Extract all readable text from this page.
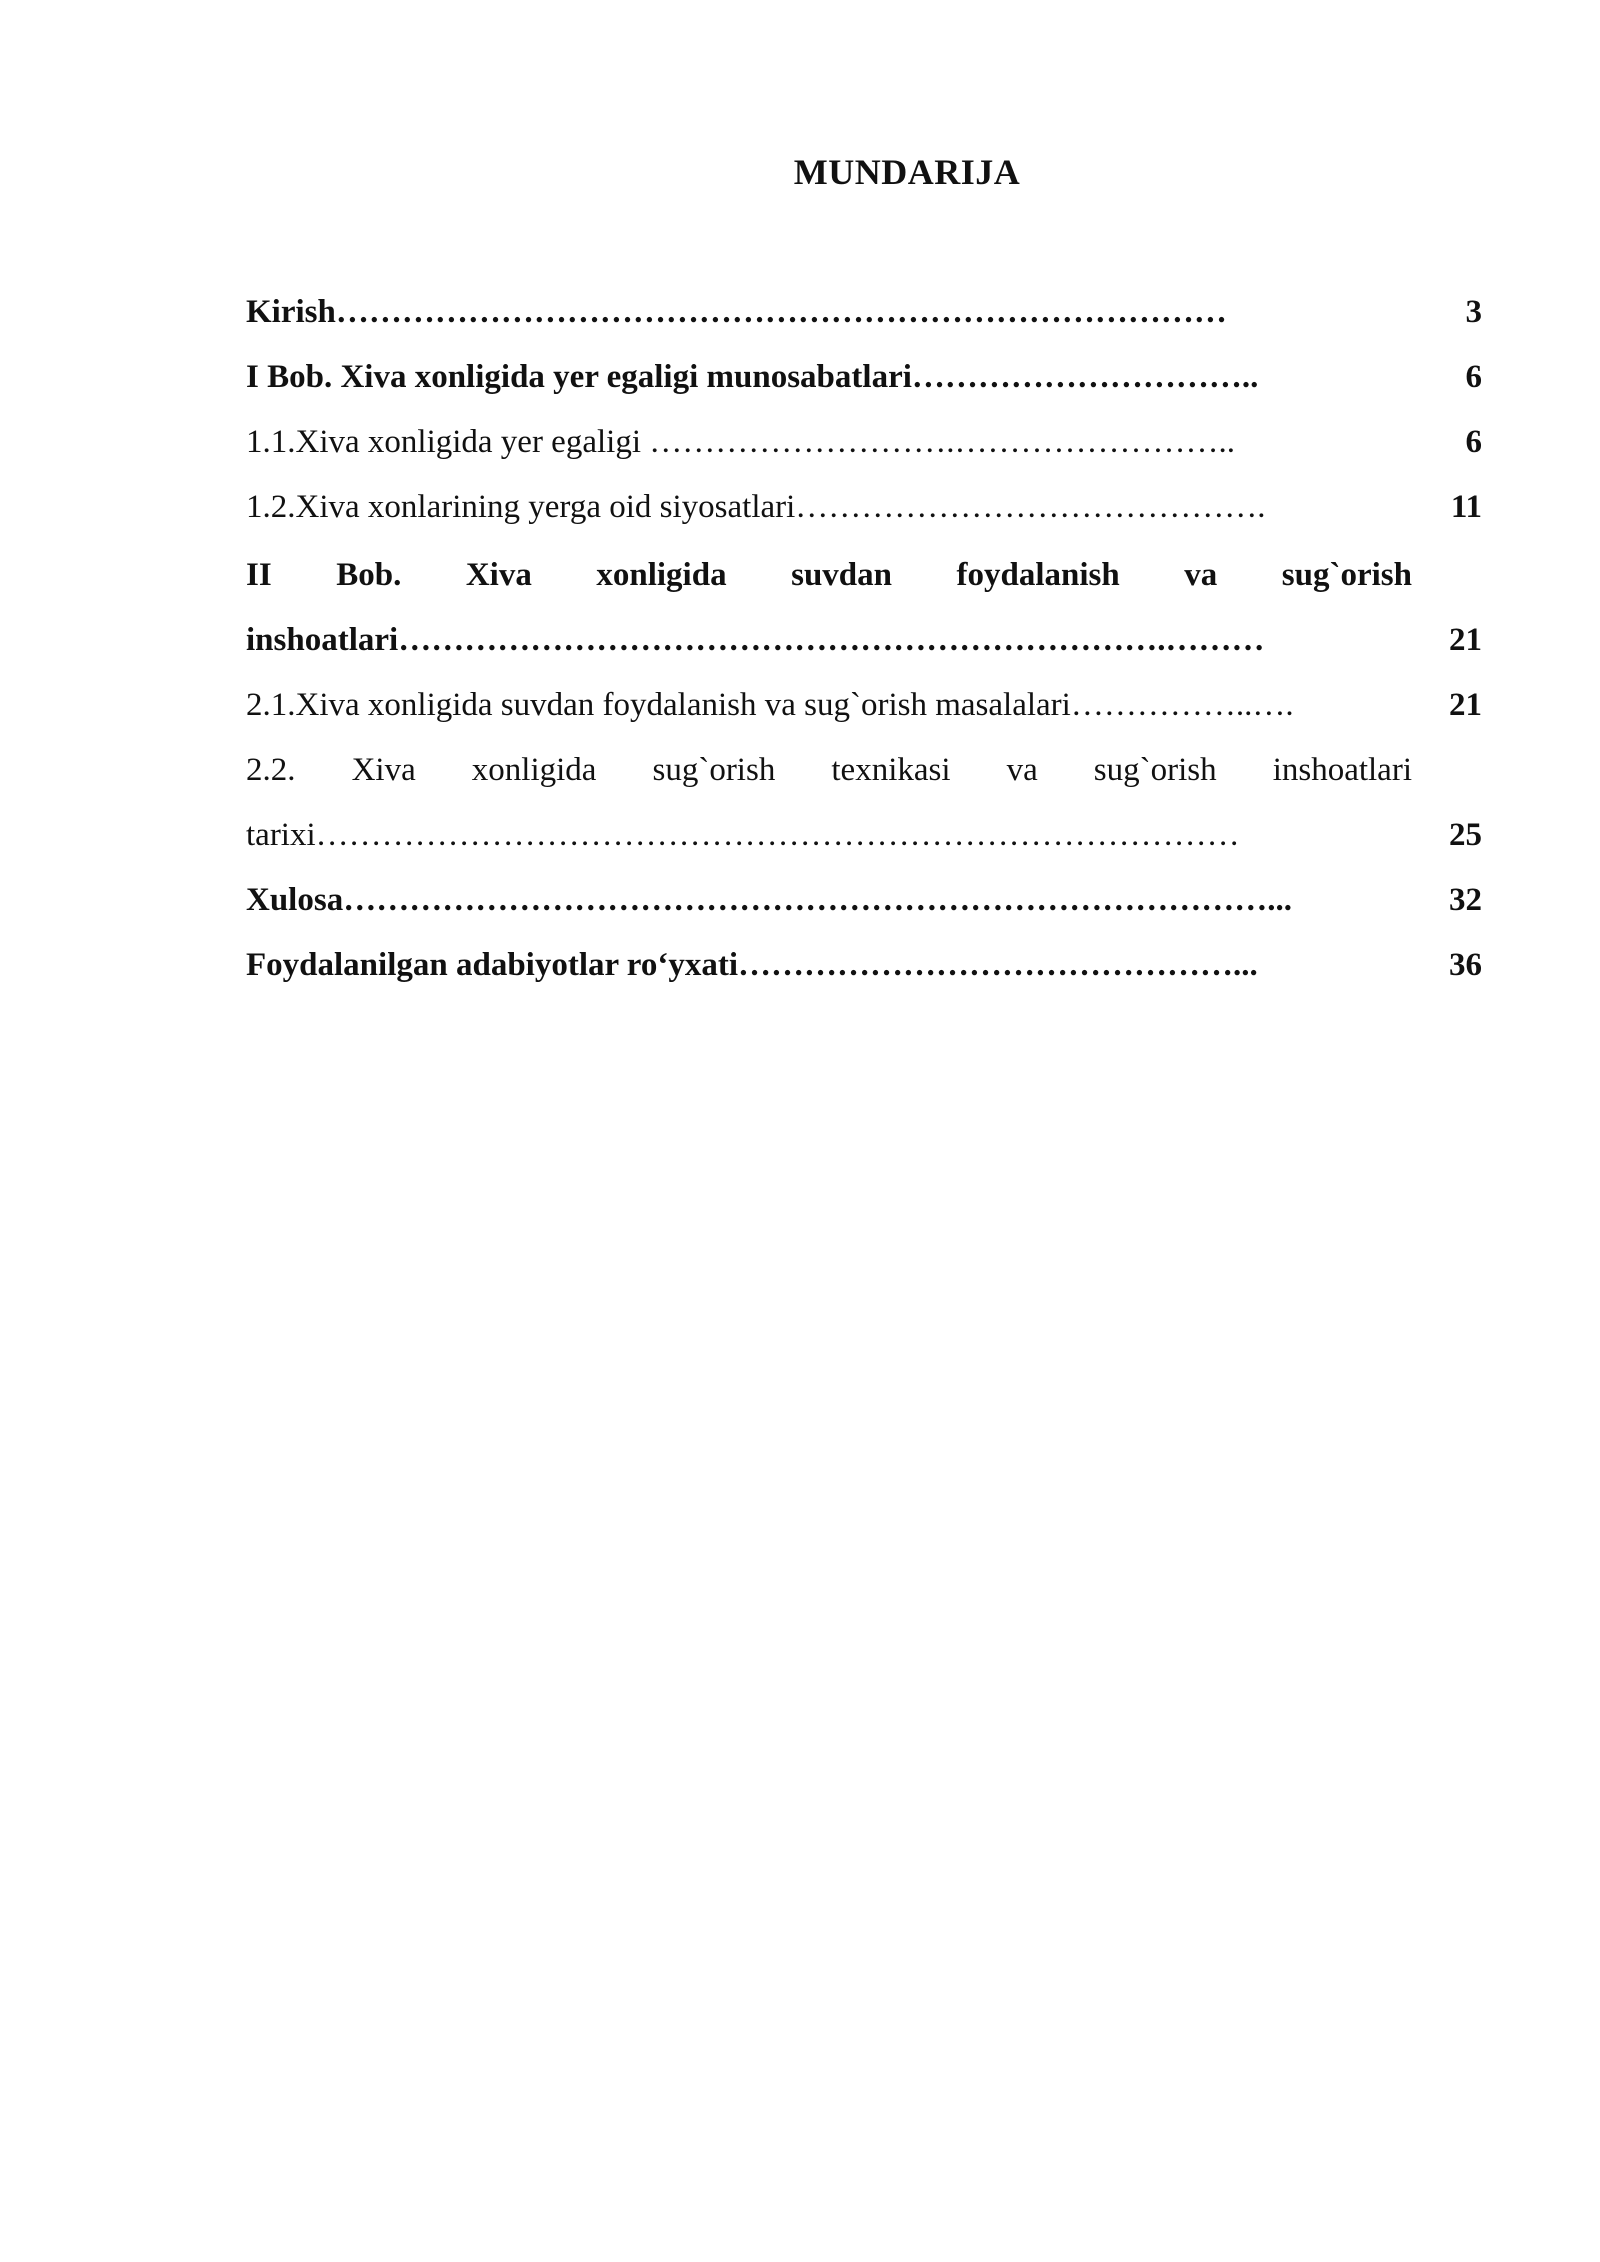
MUNDARIJA
Kirish………………………………………………………………………	3
I Bob. Xiva xonligida yer egaligi munosabatlari…………………………..	6
1.1.Xiva xonligida yer egaligi ……………………….……………………..	6
1.2.Xiva xonlarining yerga oid siyosatlari…………………………………….	11
II Bob. Xiva xonligida suvdan foydalanish va sug`orish
inshoatlari…………………………………………………………….………	21
2.1.Xiva xonligida suvdan foydalanish va sug`orish masalalari……………..….	21
2.2. Xiva xonligida sug`orish texnikasi va sug`orish inshoatlari
tarixi…………………………………………………………………………	25
Xulosa…………………………………………………………………………...	32
Foydalanilgan adabiyotlar ro‘yxati………………………………………...	36
